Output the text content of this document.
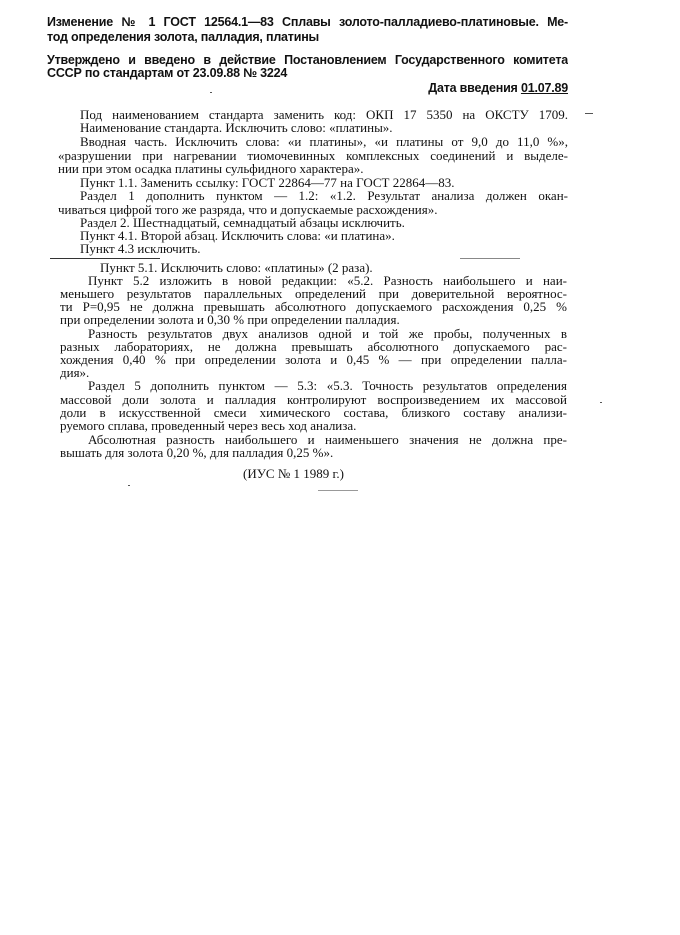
Изменение № 1 ГОСТ 12564.1—83 Сплавы золото-палладиево-платиновые. Ме-
тод определения золота, палладия, платины
Утверждено и введено в действие Постановлением Государственного комитета
СССР по стандартам от 23.09.88 № 3224
Дата введения 01.07.89
Под наименованием стандарта заменить код: ОКП 17 5350 на ОКСТУ 1709.
Наименование стандарта. Исключить слово: «платины».
Вводная часть. Исключить слова: «и платины», «и платины от 9,0 до 11,0 %»,
«разрушении при нагревании тиомочевинных комплексных соединений и выделе-
нии при этом осадка платины сульфидного характера».
Пункт 1.1. Заменить ссылку: ГОСТ 22864—77 на ГОСТ 22864—83.
Раздел 1 дополнить пунктом — 1.2: «1.2. Результат анализа должен окан-
чиваться цифрой того же разряда, что и допускаемые расхождения».
Раздел 2. Шестнадцатый, семнадцатый абзацы исключить.
Пункт 4.1. Второй абзац. Исключить слова: «и платина».
Пункт 4.3 исключить.
Пункт 5.1. Исключить слово: «платины» (2 раза).
Пункт 5.2 изложить в новой редакции: «5.2. Разность наибольшего и наи-
меньшего результатов параллельных определений при доверительной вероятнос-
ти P=0,95 не должна превышать абсолютного допускаемого расхождения 0,25 %
при определении золота и 0,30 % при определении палладия.
Разность результатов двух анализов одной и той же пробы, полученных в
разных лабораториях, не должна превышать абсолютного допускаемого рас-
хождения 0,40 % при определении золота и 0,45 % — при определении палла-
дия».
Раздел 5 дополнить пунктом — 5.3: «5.3. Точность результатов определения
массовой доли золота и палладия контролируют воспроизведением их массовой
доли в искусственной смеси химического состава, близкого составу анализи-
руемого сплава, проведенный через весь ход анализа.
Абсолютная разность наибольшего и наименьшего значения не должна пре-
вышать для золота 0,20 %, для палладия 0,25 %».
(ИУС № 1 1989 г.)
